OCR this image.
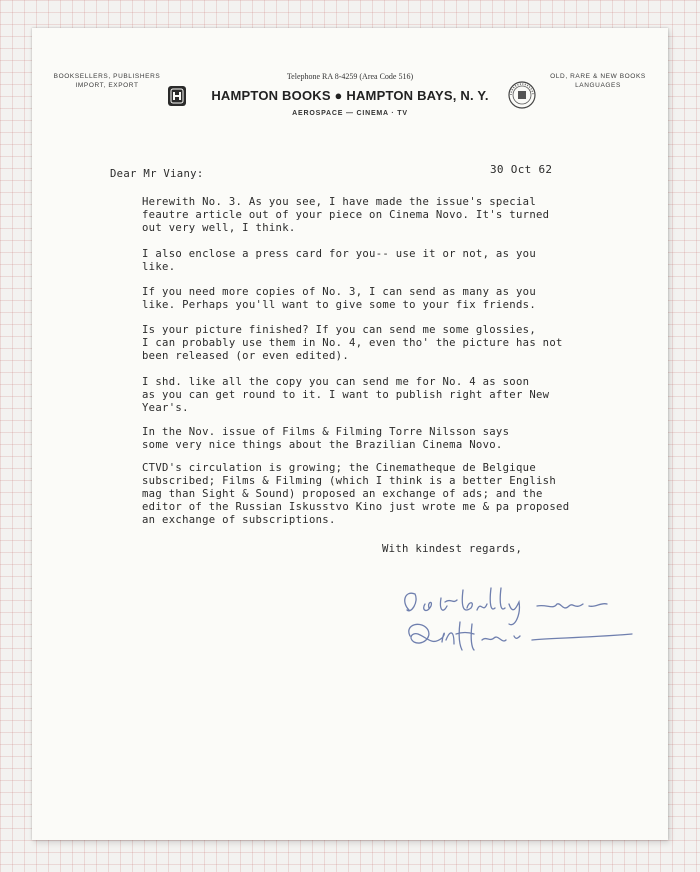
BOOKSELLERS, PUBLISHERS
IMPORT, EXPORT
Telephone RA 8-4259 (Area Code 516)
HAMPTON BOOKS ● HAMPTON BAYS, N. Y.
AEROSPACE — CINEMA · TV
OLD, RARE & NEW BOOKS
LANGUAGES
30 Oct 62
Dear Mr Viany:
Herewith No. 3. As you see, I have made the issue's special
feautre article out of your piece on Cinema Novo. It's turned
out very well, I think.
I also enclose a press card for you-- use it or not, as you
like.
If you need more copies of No. 3, I can send as many as you
like. Perhaps you'll want to give some to your fix friends.
Is your picture finished? If you can send me some glossies,
I can probably use them in No. 4, even tho' the picture has not
been released (or even edited).
I shd. like all the copy you can send me for No. 4 as soon
as you can get round to it. I want to publish right after New
Year's.
In the Nov. issue of Films & Filming Torre Nilsson says
some very nice things about the Brazilian Cinema Novo.
CTVD's circulation is growing; the Cinematheque de Belgique
subscribed; Films & Filming (which I think is a better English
mag than Sight & Sound) proposed an exchange of ads; and the
editor of the Russian Iskusstvo Kino just wrote me & pa proposed
an exchange of subscriptions.
With kindest regards,
